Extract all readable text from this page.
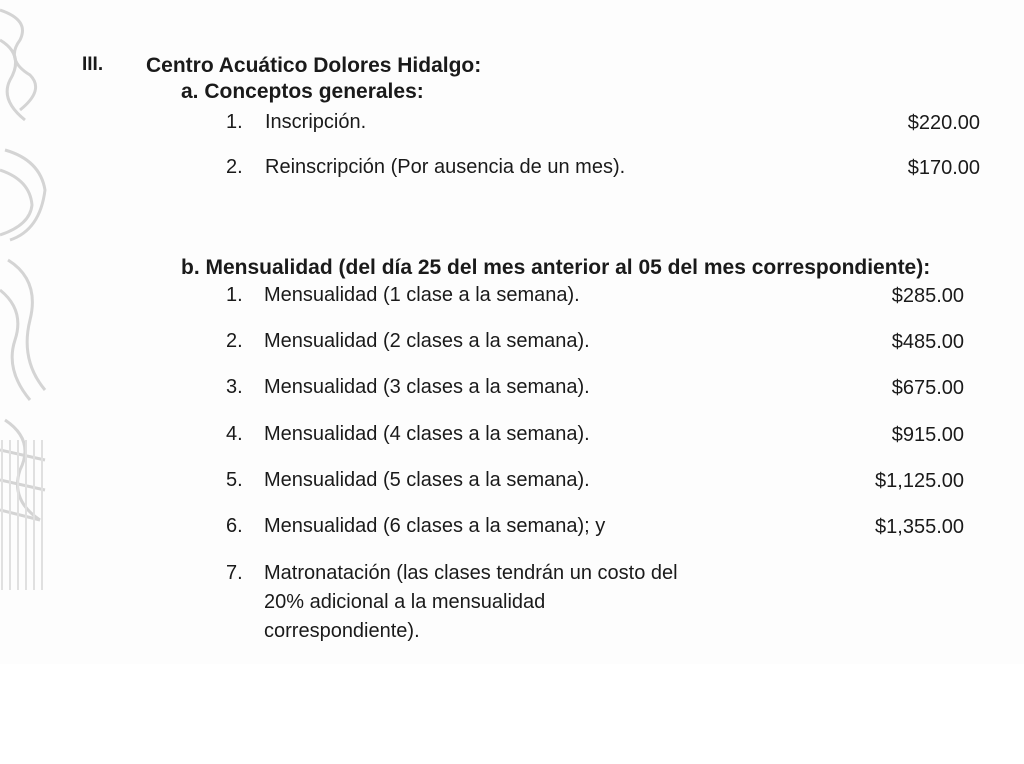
III. Centro Acuático Dolores Hidalgo:
a. Conceptos generales:
1. Inscripción.	$220.00
2. Reinscripción (Por ausencia de un mes).	$170.00
b. Mensualidad (del día 25 del mes anterior al 05 del mes correspondiente):
1. Mensualidad (1 clase a la semana).	$285.00
2. Mensualidad (2 clases a la semana).	$485.00
3. Mensualidad (3 clases a la semana).	$675.00
4. Mensualidad (4 clases a la semana).	$915.00
5. Mensualidad (5 clases a la semana).	$1,125.00
6. Mensualidad (6 clases a la semana); y	$1,355.00
7. Matronatación (las clases tendrán un costo del
20% adicional a la mensualidad
correspondiente).
